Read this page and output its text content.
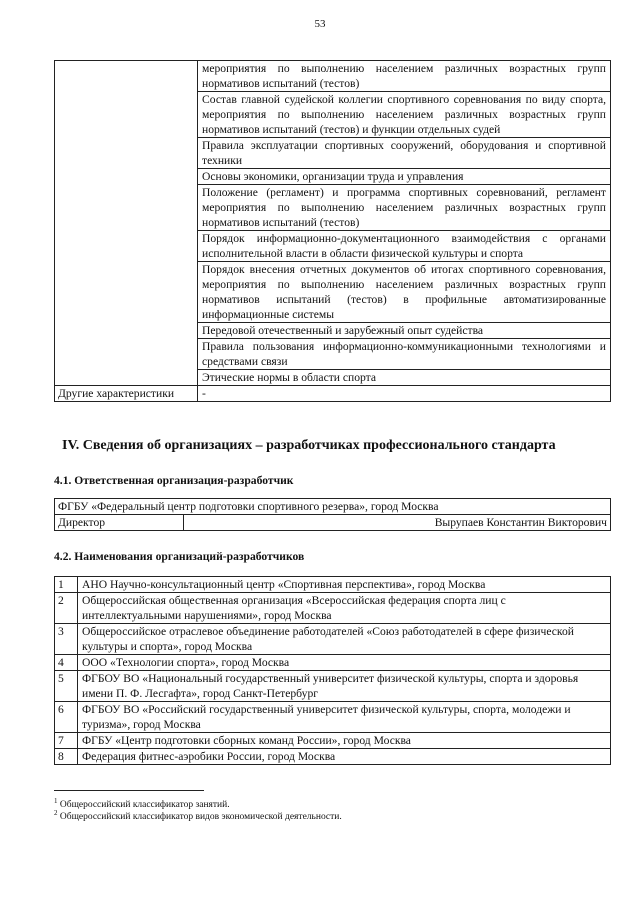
53
	мероприятия по выполнению населением различных возрастных групп нормативов испытаний (тестов)
	Состав главной судейской коллегии спортивного соревнования по виду спорта, мероприятия по выполнению населением различных возрастных групп нормативов испытаний (тестов) и функции отдельных судей
	Правила эксплуатации спортивных сооружений, оборудования и спортивной техники
	Основы экономики, организации труда и управления
	Положение (регламент) и программа спортивных соревнований, регламент мероприятия по выполнению населением различных возрастных групп нормативов испытаний (тестов)
	Порядок информационно-документационного взаимодействия с органами исполнительной власти в области физической культуры и спорта
	Порядок внесения отчетных документов об итогах спортивного соревнования, мероприятия по выполнению населением различных возрастных групп нормативов испытаний (тестов) в профильные автоматизированные информационные системы
	Передовой отечественный и зарубежный опыт судейства
	Правила пользования информационно-коммуникационными технологиями и средствами связи
	Этические нормы в области спорта
Другие характеристики	-
IV. Сведения об организациях – разработчиках профессионального стандарта
4.1. Ответственная организация-разработчик
ФГБУ «Федеральный центр подготовки спортивного резерва», город Москва
Директор	Вырупаев Константин Викторович
4.2. Наименования организаций-разработчиков
1	АНО Научно-консультационный центр «Спортивная перспектива», город Москва
2	Общероссийская общественная организация «Всероссийская федерация спорта лиц с интеллектуальными нарушениями», город Москва
3	Общероссийское отраслевое объединение работодателей «Союз работодателей в сфере физической культуры и спорта», город Москва
4	ООО «Технологии спорта», город Москва
5	ФГБОУ ВО «Национальный государственный университет физической культуры, спорта и здоровья имени П. Ф. Лесгафта», город Санкт-Петербург
6	ФГБОУ ВО «Российский государственный университет физической культуры, спорта, молодежи и туризма», город Москва
7	ФГБУ «Центр подготовки сборных команд России», город Москва
8	Федерация фитнес-аэробики России, город Москва
$^1$ Общероссийский классификатор занятий.
$^2$ Общероссийский классификатор видов экономической деятельности.
